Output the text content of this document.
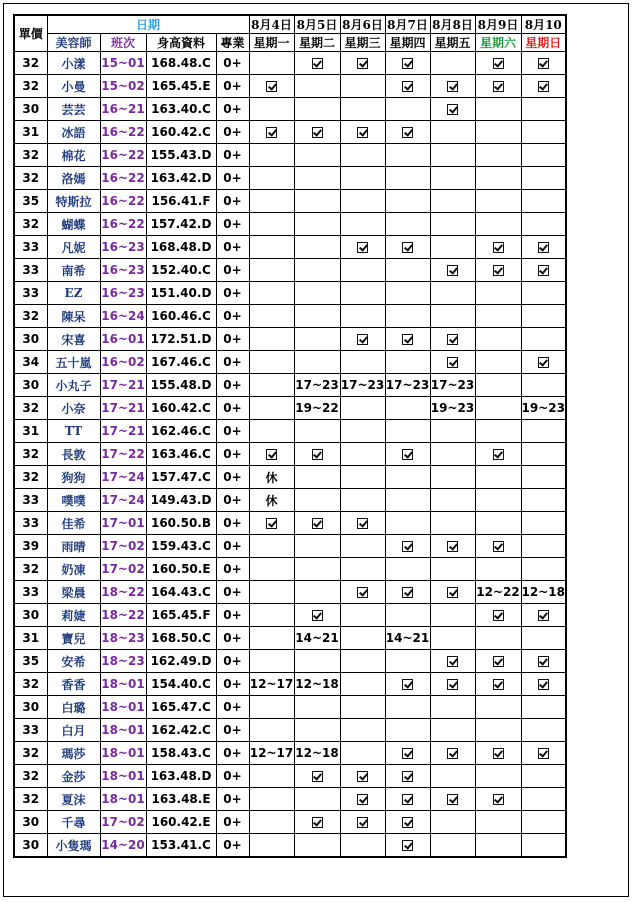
單價	日期				8月4日	8月5日	8月6日	8月7日	8月8日	8月9日	8月10
	美容師	班次	身高資料	專業	星期一	星期二	星期三	星期四	星期五	星期六	星期日
32	小漾	15~01	168.48.C	0+							
32	小曼	15~02	165.45.E	0+							
30	芸芸	16~21	163.40.C	0+							
31	冰語	16~22	160.42.C	0+							
32	棉花	16~22	155.43.D	0+							
32	洛嫣	16~22	163.42.D	0+							
35	特斯拉	16~22	156.41.F	0+							
32	蝴蝶	16~22	157.42.D	0+							
33	凡妮	16~23	168.48.D	0+							
33	南希	16~23	152.40.C	0+							
33	EZ	16~23	151.40.D	0+							
32	陳呆	16~24	160.46.C	0+							
30	宋喜	16~01	172.51.D	0+							
34	五十嵐	16~02	167.46.C	0+							
30	小丸子	17~21	155.48.D	0+		17~23	17~23	17~23	17~23		
32	小奈	17~21	160.42.C	0+		19~22			19~23		19~23
31	TT	17~21	162.46.C	0+							
32	長敦	17~22	163.46.C	0+							
32	狗狗	17~24	157.47.C	0+	休						
33	噗噗	17~24	149.43.D	0+	休						
33	佳希	17~01	160.50.B	0+							
39	雨晴	17~02	159.43.C	0+							
32	奶凍	17~02	160.50.E	0+							
33	梁晨	18~22	164.43.C	0+						12~22	12~18
30	莉婕	18~22	165.45.F	0+							
31	寶兒	18~23	168.50.C	0+		14~21		14~21			
35	安希	18~23	162.49.D	0+							
32	香香	18~01	154.40.C	0+	12~17	12~18					
30	白璐	18~01	165.47.C	0+							
33	白月	18~01	162.42.C	0+							
32	瑪莎	18~01	158.43.C	0+	12~17	12~18					
32	金莎	18~01	163.48.D	0+							
32	夏沫	18~01	163.48.E	0+							
30	千尋	17~02	160.42.E	0+							
30	小隻瑪	14~20	153.41.C	0+							
